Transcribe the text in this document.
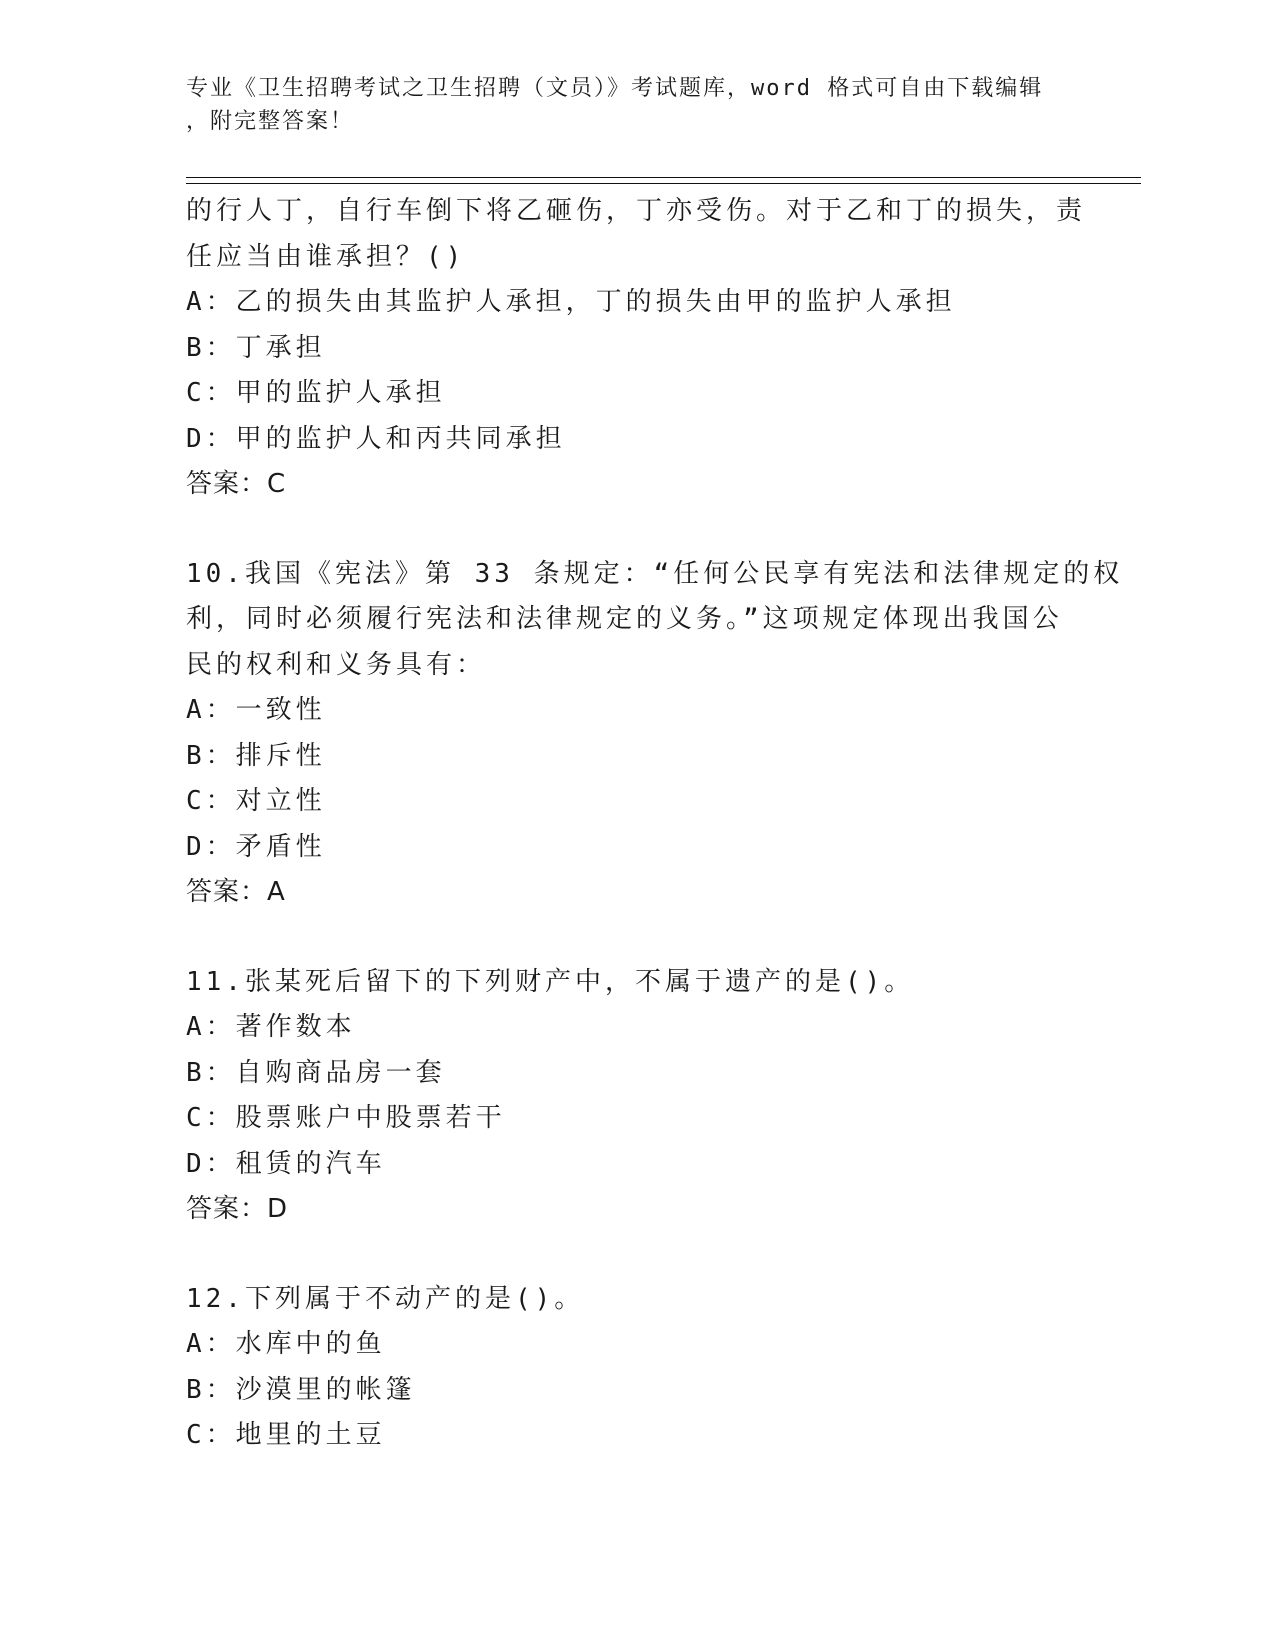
专业《卫生招聘考试之卫生招聘（文员）》考试题库，word 格式可自由下载编辑
，附完整答案！
的行人丁，自行车倒下将乙砸伤，丁亦受伤。对于乙和丁的损失，责
任应当由谁承担？()
A：乙的损失由其监护人承担，丁的损失由甲的监护人承担
B：丁承担
C：甲的监护人承担
D：甲的监护人和丙共同承担
答案：C
10.我国《宪法》第 33 条规定：“任何公民享有宪法和法律规定的权
利，同时必须履行宪法和法律规定的义务。”这项规定体现出我国公
民的权利和义务具有：
A：一致性
B：排斥性
C：对立性
D：矛盾性
答案：A
11.张某死后留下的下列财产中，不属于遗产的是()。
A：著作数本
B：自购商品房一套
C：股票账户中股票若干
D：租赁的汽车
答案：D
12.下列属于不动产的是()。
A：水库中的鱼
B：沙漠里的帐篷
C：地里的土豆
